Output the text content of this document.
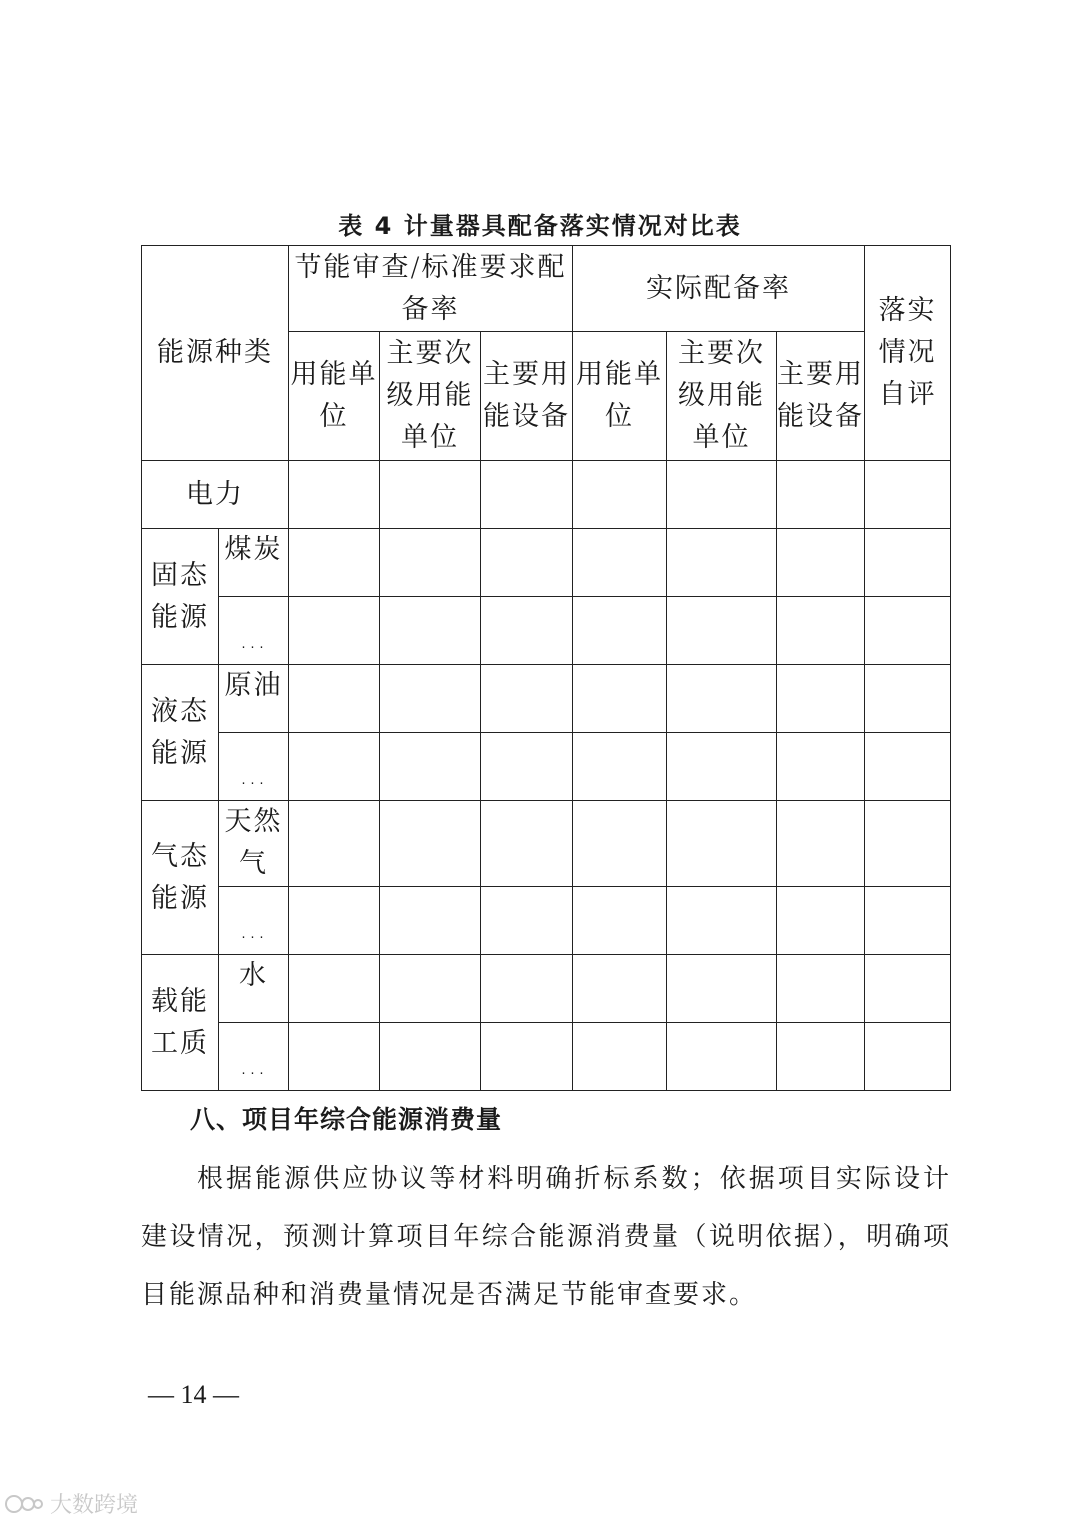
表 4 计量器具配备落实情况对比表
能源种类		节能审查/标准要求配备率			实际配备率			落实情况自评
		用能单位	主要次级用能单位	主要用能设备	用能单位	主要次级用能单位	主要用能设备	
电力								
固态能源	煤炭							
	…							
液态能源	原油							
	…							
气态能源	天然气							
	…							
载能工质	水							
	…							
八、项目年综合能源消费量
根据能源供应协议等材料明确折标系数；依据项目实际设计建设情况，预测计算项目年综合能源消费量（说明依据），明确项目能源品种和消费量情况是否满足节能审查要求。
— 14 —
大数跨境
